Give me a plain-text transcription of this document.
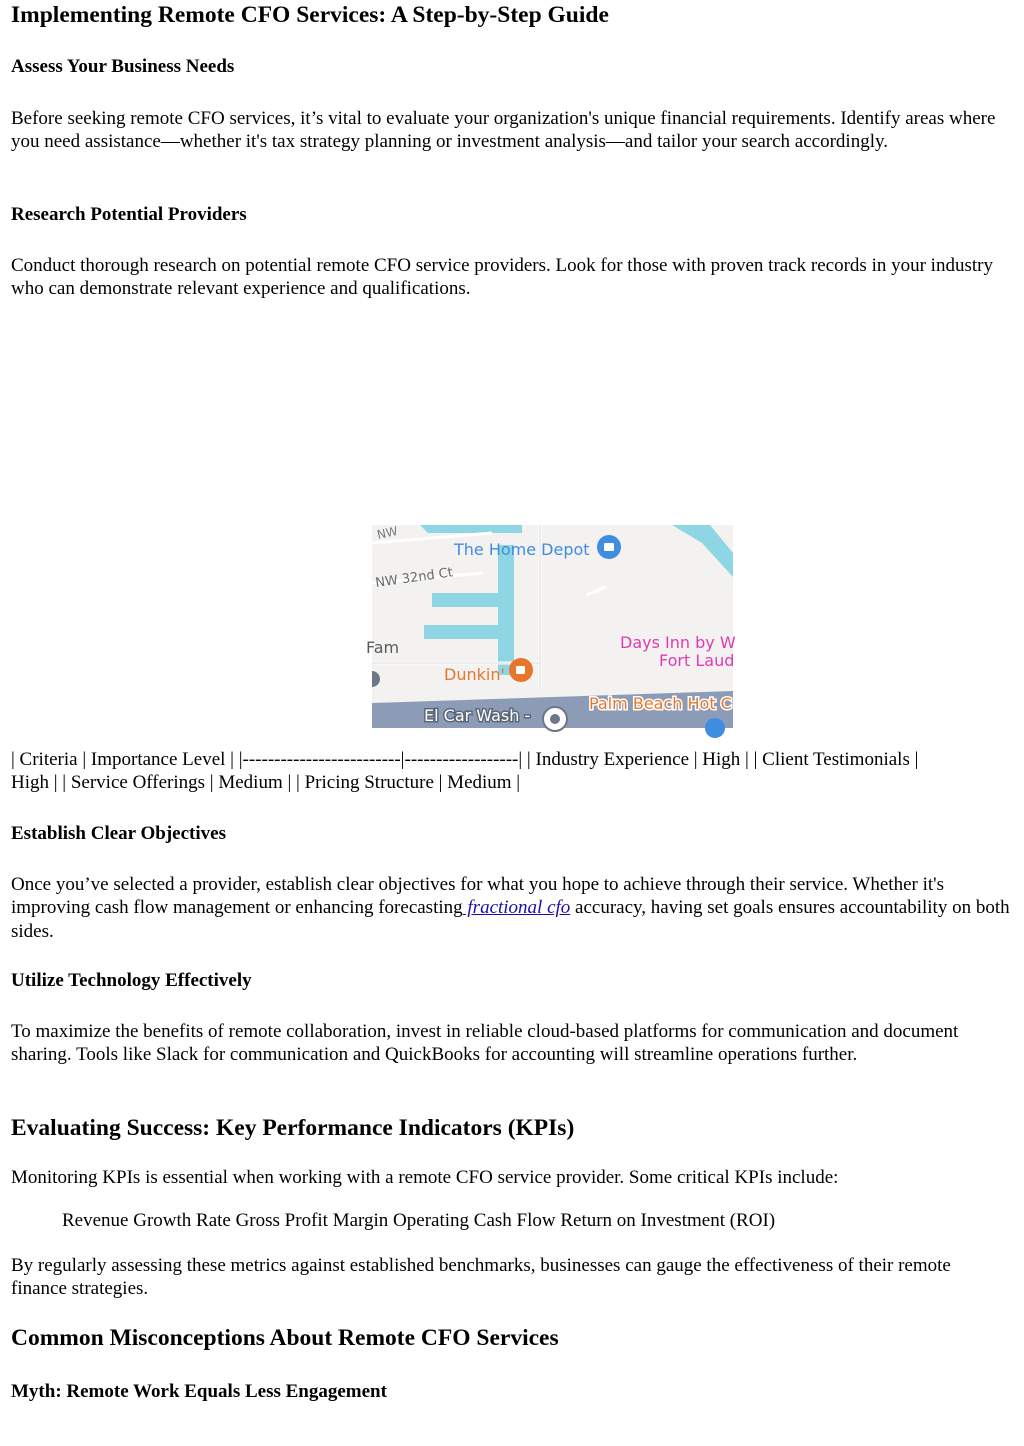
Implementing Remote CFO Services: A Step-by-Step Guide
Assess Your Business Needs

Before seeking remote CFO services, it’s vital to evaluate your organization's unique financial requirements. Identify areas where you need assistance—whether it's tax strategy planning or investment analysis—and tailor your search accordingly.

Research Potential Providers

Conduct thorough research on potential remote CFO service providers. Look for those with proven track records in your industry who can demonstrate relevant experience and qualifications.

NW
NW 32nd Ct
The Home Depot
Fam
Dunkin'
Days Inn by W
Fort Laud
Palm Beach Hot C
El Car Wash -

| Criteria | Importance Level | |-------------------------|------------------| | Industry Experience | High | | Client Testimonials |
High | | Service Offerings | Medium | | Pricing Structure | Medium |

Establish Clear Objectives

Once you’ve selected a provider, establish clear objectives for what you hope to achieve through their service. Whether it's improving cash flow management or enhancing forecasting fractional cfo accuracy, having set goals ensures accountability on both sides.

Utilize Technology Effectively

To maximize the benefits of remote collaboration, invest in reliable cloud-based platforms for communication and document sharing. Tools like Slack for communication and QuickBooks for accounting will streamline operations further.

Evaluating Success: Key Performance Indicators (KPIs)

Monitoring KPIs is essential when working with a remote CFO service provider. Some critical KPIs include:

Revenue Growth Rate Gross Profit Margin Operating Cash Flow Return on Investment (ROI)

By regularly assessing these metrics against established benchmarks, businesses can gauge the effectiveness of their remote finance strategies.

Common Misconceptions About Remote CFO Services
Myth: Remote Work Equals Less Engagement
